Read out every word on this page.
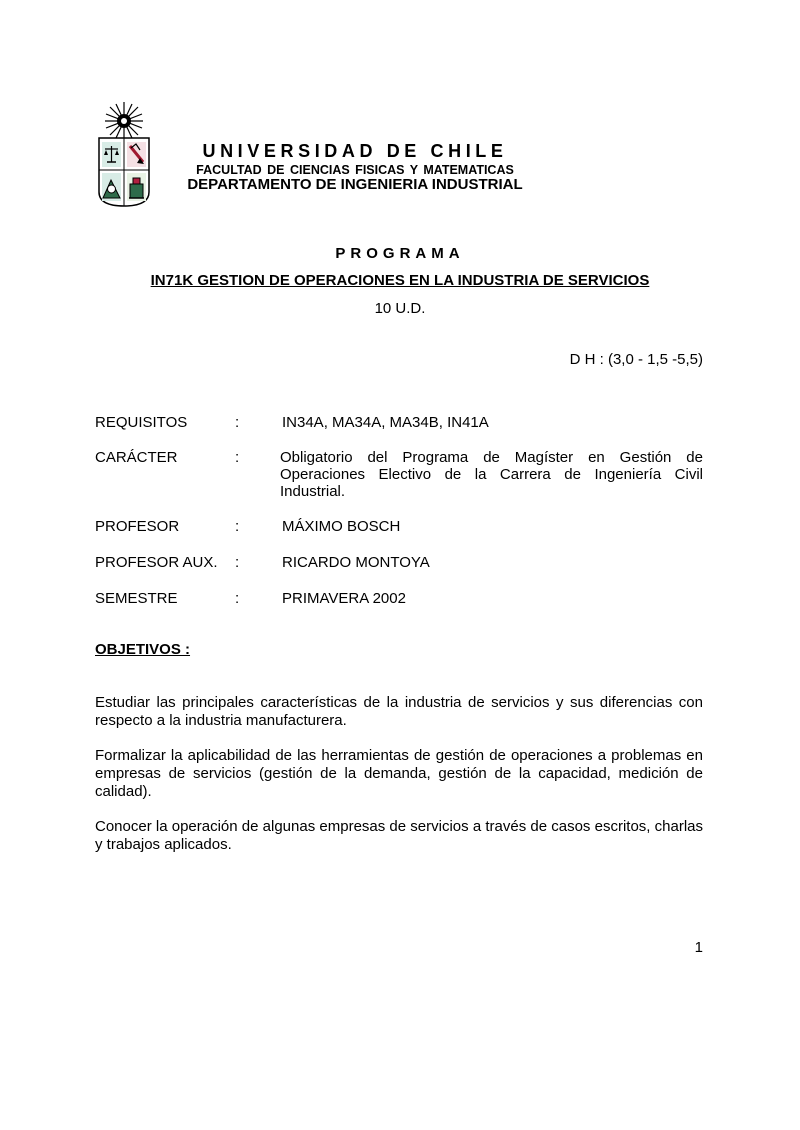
UNIVERSIDAD DE CHILE
FACULTAD DE CIENCIAS FISICAS Y MATEMATICAS
DEPARTAMENTO DE INGENIERIA INDUSTRIAL
PROGRAMA
IN71K GESTION DE OPERACIONES EN LA INDUSTRIA DE SERVICIOS
10 U.D.
D H : (3,0 - 1,5 -5,5)
REQUISITOS	:	IN34A, MA34A, MA34B, IN41A
CARÁCTER	:	Obligatorio del Programa de Magíster en Gestión de Operaciones Electivo de la Carrera de Ingeniería Civil Industrial.
PROFESOR	:	MÁXIMO BOSCH
PROFESOR AUX. :	RICARDO MONTOYA
SEMESTRE	:	PRIMAVERA 2002
OBJETIVOS :

Estudiar las principales características de la industria de servicios y sus diferencias con respecto a la industria manufacturera.

Formalizar la aplicabilidad de las herramientas de gestión de operaciones a problemas en empresas de servicios (gestión de la demanda, gestión de la capacidad, medición de calidad).

Conocer la operación de algunas empresas de servicios a través de casos escritos, charlas y trabajos aplicados.

1
